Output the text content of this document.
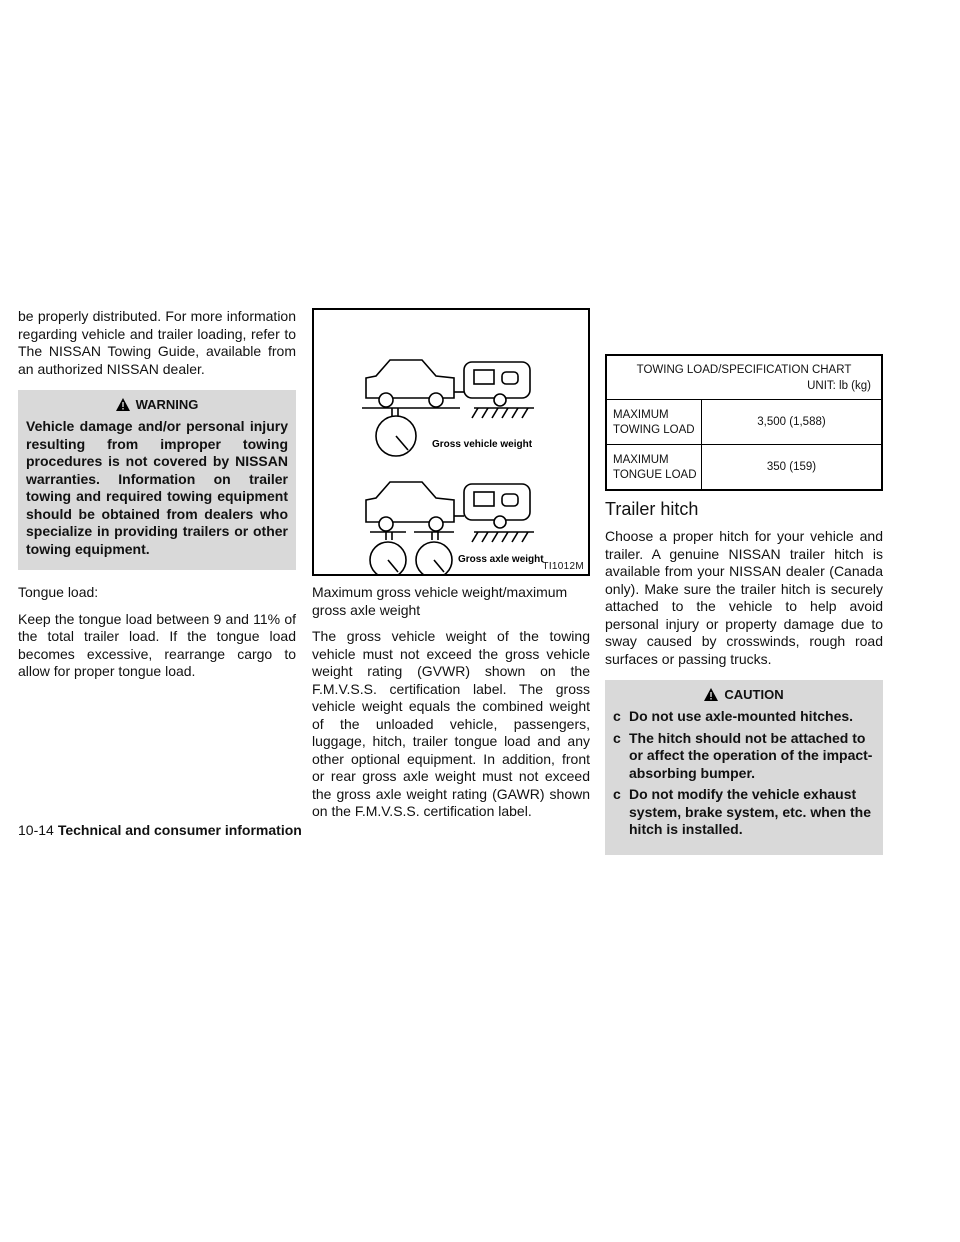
be properly distributed. For more information regarding vehicle and trailer loading, refer to The NISSAN Towing Guide, available from an authorized NISSAN dealer.

WARNING
Vehicle damage and/or personal injury resulting from improper towing procedures is not covered by NISSAN warranties. Information on trailer towing and required towing equipment should be obtained from dealers who specialize in providing trailers or other towing equipment.

Tongue load:

Keep the tongue load between 9 and 11% of the total trailer load. If the tongue load becomes excessive, rearrange cargo to allow for proper tongue load.

Gross vehicle weight
Gross axle weight
TI1012M

Maximum gross vehicle weight/maximum gross axle weight

The gross vehicle weight of the towing vehicle must not exceed the gross vehicle weight rating (GVWR) shown on the F.M.V.S.S. certification label. The gross vehicle weight equals the combined weight of the unloaded vehicle, passengers, luggage, hitch, trailer tongue load and any other optional equipment. In addition, front or rear gross axle weight must not exceed the gross axle weight rating (GAWR) shown on the F.M.V.S.S. certification label.

TOWING LOAD/SPECIFICATION CHART
UNIT: lb (kg)
MAXIMUM
TOWING LOAD
3,500 (1,588)
MAXIMUM
TONGUE LOAD
350 (159)
Trailer hitch

Choose a proper hitch for your vehicle and trailer. A genuine NISSAN trailer hitch is available from your NISSAN dealer (Canada only). Make sure the trailer hitch is securely attached to the vehicle to help avoid personal injury or property damage due to sway caused by crosswinds, rough road surfaces or passing trucks.

CAUTION
c Do not use axle-mounted hitches.
c The hitch should not be attached to or affect the operation of the impact-absorbing bumper.
c Do not modify the vehicle exhaust system, brake system, etc. when the hitch is installed.
10-14 Technical and consumer information
